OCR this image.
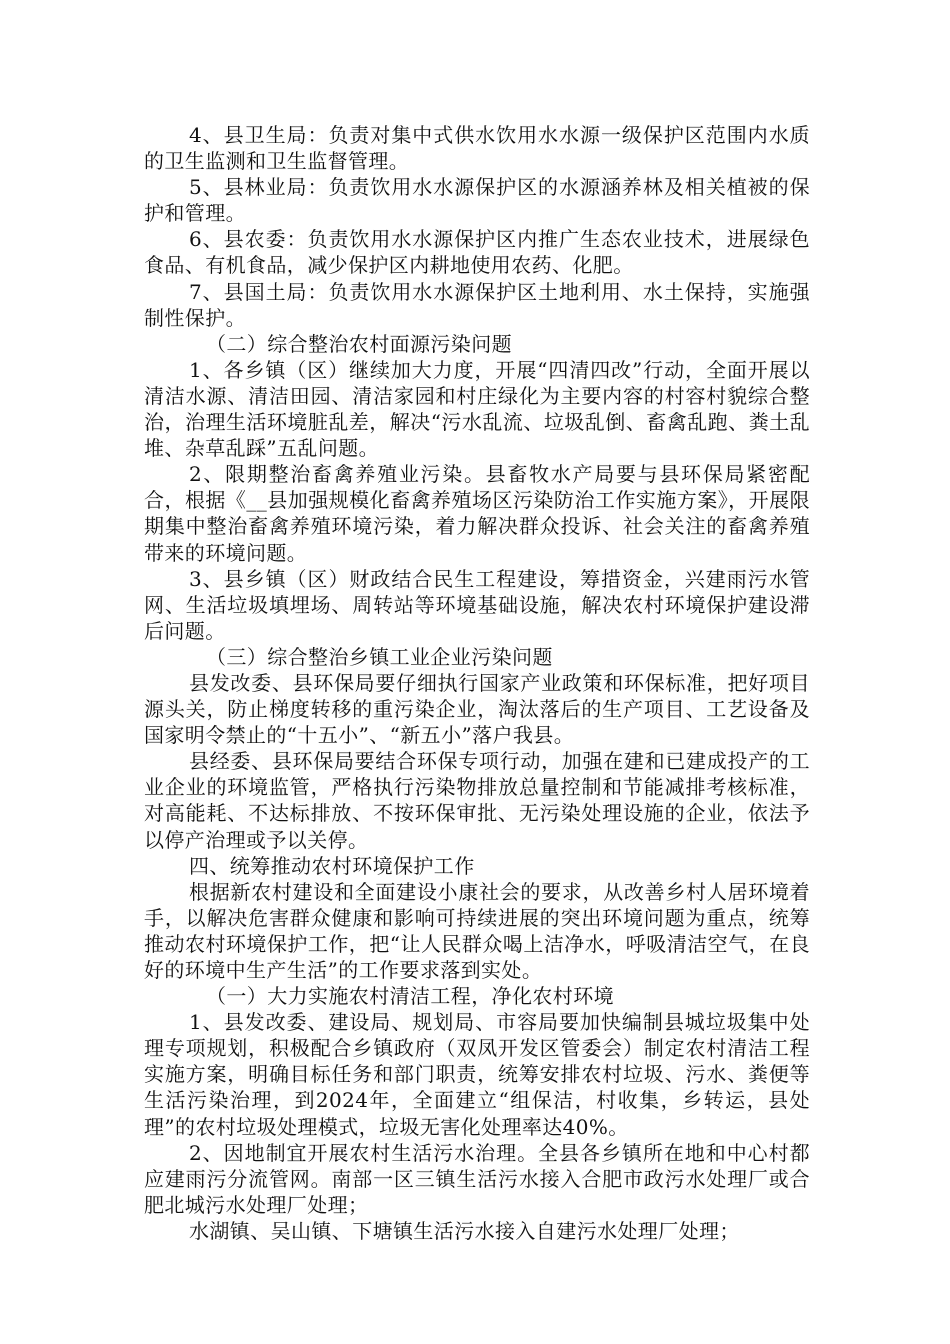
4、县卫生局：负责对集中式供水饮用水水源一级保护区范围内水质的卫生监测和卫生监督管理。

5、县林业局：负责饮用水水源保护区的水源涵养林及相关植被的保护和管理。

6、县农委：负责饮用水水源保护区内推广生态农业技术，进展绿色食品、有机食品，减少保护区内耕地使用农药、化肥。

7、县国土局：负责饮用水水源保护区土地利用、水土保持，实施强制性保护。

（二）综合整治农村面源污染问题

1、各乡镇（区）继续加大力度，开展“四清四改”行动，全面开展以清洁水源、清洁田园、清洁家园和村庄绿化为主要内容的村容村貌综合整治，治理生活环境脏乱差，解决“污水乱流、垃圾乱倒、畜禽乱跑、粪土乱堆、杂草乱踩”五乱问题。

2、限期整治畜禽养殖业污染。县畜牧水产局要与县环保局紧密配合，根据《__县加强规模化畜禽养殖场区污染防治工作实施方案》，开展限期集中整治畜禽养殖环境污染，着力解决群众投诉、社会关注的畜禽养殖带来的环境问题。

3、县乡镇（区）财政结合民生工程建设，筹措资金，兴建雨污水管网、生活垃圾填埋场、周转站等环境基础设施，解决农村环境保护建设滞后问题。

（三）综合整治乡镇工业企业污染问题

县发改委、县环保局要仔细执行国家产业政策和环保标准，把好项目源头关，防止梯度转移的重污染企业，淘汰落后的生产项目、工艺设备及国家明令禁止的“十五小”、“新五小”落户我县。

县经委、县环保局要结合环保专项行动，加强在建和已建成投产的工业企业的环境监管，严格执行污染物排放总量控制和节能减排考核标准，对高能耗、不达标排放、不按环保审批、无污染处理设施的企业，依法予以停产治理或予以关停。

四、统筹推动农村环境保护工作

根据新农村建设和全面建设小康社会的要求，从改善乡村人居环境着手，以解决危害群众健康和影响可持续进展的突出环境问题为重点，统筹推动农村环境保护工作，把“让人民群众喝上洁净水，呼吸清洁空气，在良好的环境中生产生活”的工作要求落到实处。

（一）大力实施农村清洁工程，净化农村环境

1、县发改委、建设局、规划局、市容局要加快编制县城垃圾集中处理专项规划，积极配合乡镇政府（双凤开发区管委会）制定农村清洁工程实施方案，明确目标任务和部门职责，统筹安排农村垃圾、污水、粪便等生活污染治理，到2024年，全面建立“组保洁，村收集，乡转运，县处理”的农村垃圾处理模式，垃圾无害化处理率达40%。

2、因地制宜开展农村生活污水治理。全县各乡镇所在地和中心村都应建雨污分流管网。南部一区三镇生活污水接入合肥市政污水处理厂或合肥北城污水处理厂处理；

水湖镇、吴山镇、下塘镇生活污水接入自建污水处理厂处理；
